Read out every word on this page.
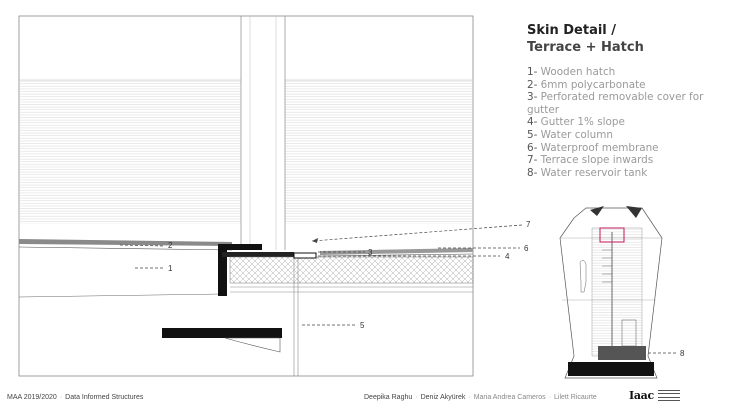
Skin Detail /
Terrace + Hatch
1- Wooden hatch
2- 6mm polycarbonate
3- Perforated removable cover for gutter
4- Gutter 1% slope
5- Water column
6- Waterproof membrane
7- Terrace slope inwards
8- Water reservoir tank
1
2
3	4
5
6
7
8
MAA 2019/2020 · Data Informed Structures	Deepika Raghu · Deniz Akyürek · Maria Andrea Cameros · Lilett Ricaurte	Iaac
